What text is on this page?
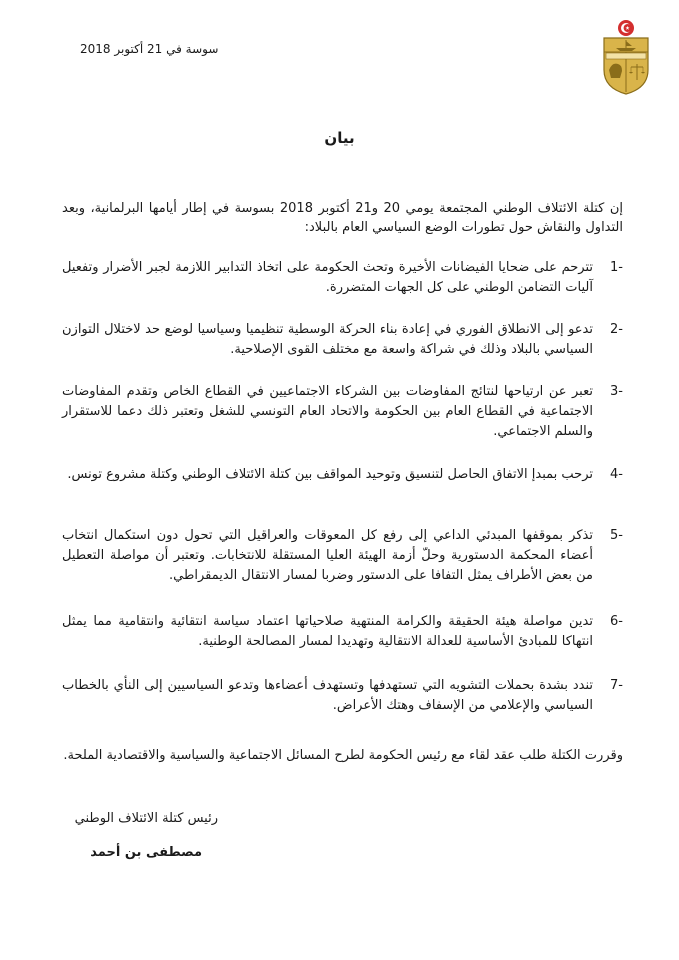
سوسة في 21 أكتوبر 2018
بيان
إن كتلة الائتلاف الوطني المجتمعة يومي 20 و21 أكتوبر 2018 بسوسة في إطار أيامها البرلمانية، وبعد التداول والنقاش حول تطورات الوضع السياسي العام بالبلاد:
-1
تترحم على ضحايا الفيضانات الأخيرة وتحث الحكومة على اتخاذ التدابير اللازمة لجبر الأضرار وتفعيل آليات التضامن الوطني على كل الجهات المتضررة.
-2
تدعو إلى الانطلاق الفوري في إعادة بناء الحركة الوسطية تنظيميا وسياسيا لوضع حد لاختلال التوازن السياسي بالبلاد وذلك في شراكة واسعة مع مختلف القوى الإصلاحية.
-3
تعبر عن ارتياحها لنتائج المفاوضات بين الشركاء الاجتماعيين في القطاع الخاص وتقدم المفاوضات الاجتماعية في القطاع العام بين الحكومة والاتحاد العام التونسي للشغل وتعتبر ذلك دعما للاستقرار والسلم الاجتماعي.
-4
ترحب بمبدإ الاتفاق الحاصل لتنسيق وتوحيد المواقف بين كتلة الائتلاف الوطني وكتلة مشروع تونس.
-5
تذكر بموقفها المبدئي الداعي إلى رفع كل المعوقات والعراقيل التي تحول دون استكمال انتخاب أعضاء المحكمة الدستورية وحلّ أزمة الهيئة العليا المستقلة للانتخابات. وتعتبر أن مواصلة التعطيل من بعض الأطراف يمثل التفافا على الدستور وضربا لمسار الانتقال الديمقراطي.
-6
تدين مواصلة هيئة الحقيقة والكرامة المنتهية صلاحياتها اعتماد سياسة انتقائية وانتقامية مما يمثل انتهاكا للمبادئ الأساسية للعدالة الانتقالية وتهديدا لمسار المصالحة الوطنية.
-7
تندد بشدة بحملات التشويه التي تستهدفها وتستهدف أعضاءها وتدعو السياسيين إلى النأي بالخطاب السياسي والإعلامي من الإسفاف وهتك الأعراض.
وقررت الكتلة طلب عقد لقاء مع رئيس الحكومة لطرح المسائل الاجتماعية والسياسية والاقتصادية الملحة.
رئيس كتلة الائتلاف الوطني
مصطفى بن أحمد
